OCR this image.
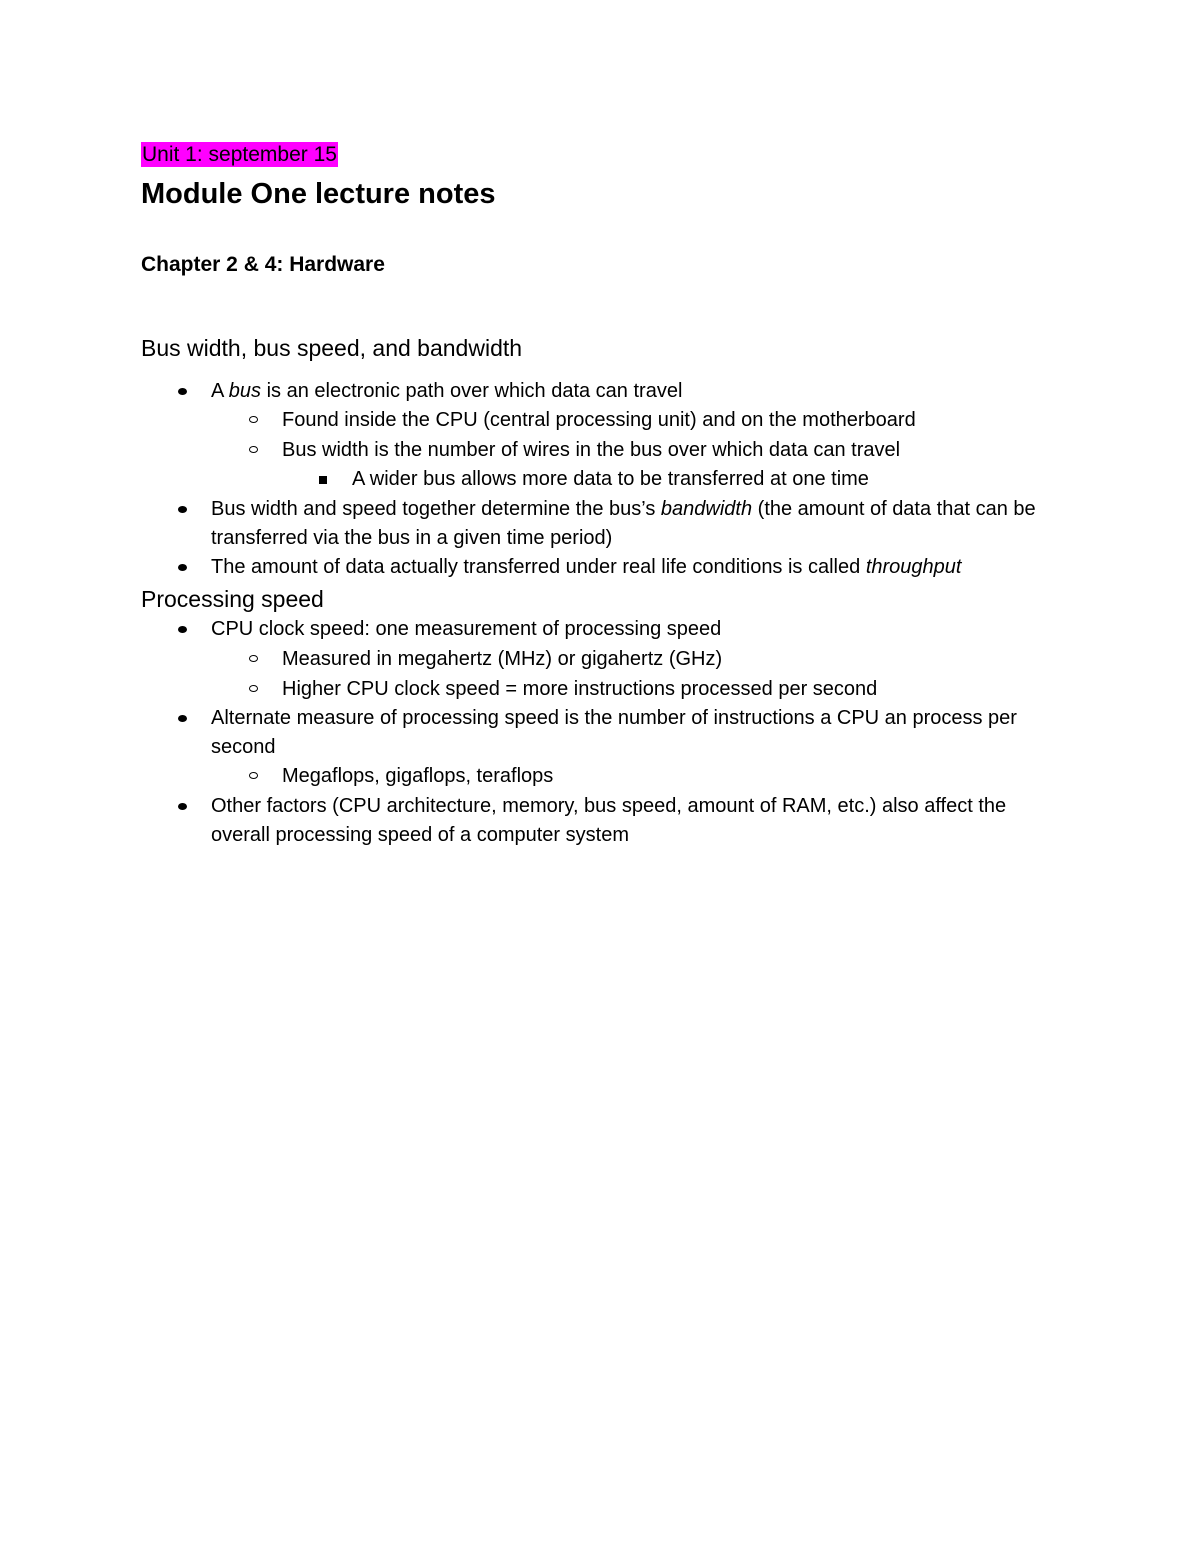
Unit 1: september 15
Module One lecture notes
Chapter 2 & 4: Hardware
Bus width, bus speed, and bandwidth
A bus is an electronic path over which data can travel
Found inside the CPU (central processing unit) and on the motherboard
Bus width is the number of wires in the bus over which data can travel
A wider bus allows more data to be transferred at one time
Bus width and speed together determine the bus’s bandwidth (the amount of data that can be transferred via the bus in a given time period)
The amount of data actually transferred under real life conditions is called throughput
Processing speed
CPU clock speed: one measurement of processing speed
Measured in megahertz (MHz) or gigahertz (GHz)
Higher CPU clock speed = more instructions processed per second
Alternate measure of processing speed is the number of instructions a CPU an process per second
Megaflops, gigaflops, teraflops
Other factors (CPU architecture, memory, bus speed, amount of RAM, etc.) also affect the overall processing speed of a computer system
